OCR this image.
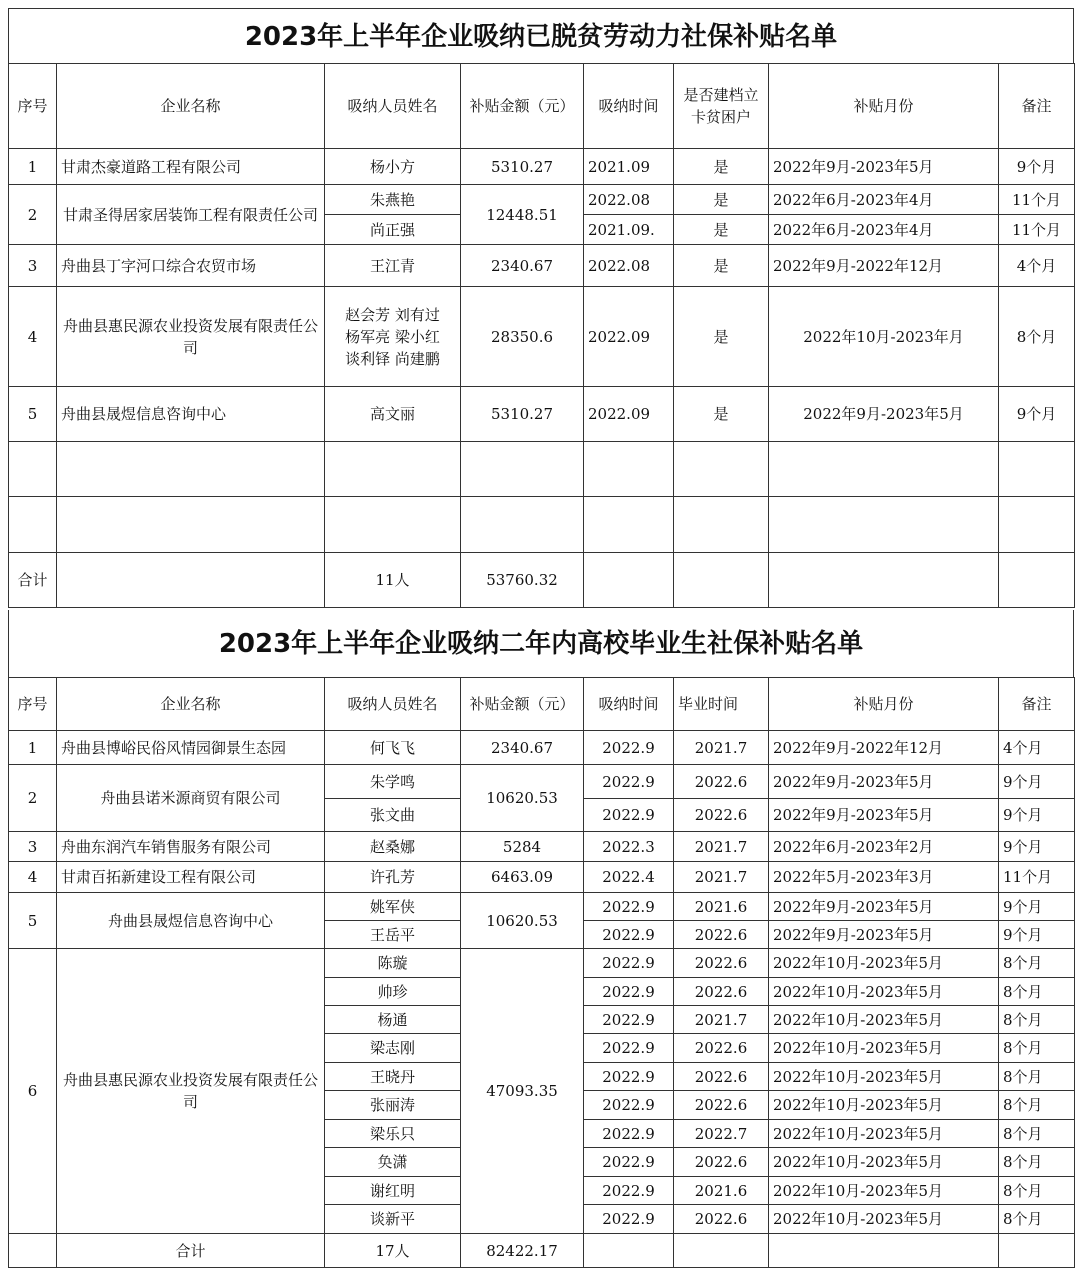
2023年上半年企业吸纳已脱贫劳动力社保补贴名单
序号	企业名称	吸纳人员姓名	补贴金额（元）	吸纳时间	是否建档立卡贫困户	补贴月份	备注
1	甘肃杰豪道路工程有限公司	杨小方	5310.27	2021.09	是	2022年9月-2023年5月	9个月
2	甘肃圣得居家居装饰工程有限责任公司	朱燕艳	12448.51	2022.08	是	2022年6月-2023年4月	11个月
		尚正强		2021.09.	是	2022年6月-2023年4月	11个月
3	舟曲县丁字河口综合农贸市场	王江青	2340.67	2022.08	是	2022年9月-2022年12月	4个月
4	舟曲县惠民源农业投资发展有限责任公司	赵会芳 刘有过
杨军亮 梁小红
谈利铎 尚建鹏	28350.6	2022.09	是	2022年10月-2023年月	8个月
5	舟曲县晟煜信息咨询中心	高文丽	5310.27	2022.09	是	2022年9月-2023年5月	9个月

合计		11人	53760.32				
2023年上半年企业吸纳二年内高校毕业生社保补贴名单
序号	企业名称	吸纳人员姓名	补贴金额（元）	吸纳时间	毕业时间	补贴月份	备注
1	舟曲县博峪民俗风情园御景生态园	何飞飞	2340.67	2022.9	2021.7	2022年9月-2022年12月	4个月
2	舟曲县诺米源商贸有限公司	朱学鸣	10620.53	2022.9	2022.6	2022年9月-2023年5月	9个月
		张文曲		2022.9	2022.6	2022年9月-2023年5月	9个月
3	舟曲东润汽车销售服务有限公司	赵桑娜	5284	2022.3	2021.7	2022年6月-2023年2月	9个月
4	甘肃百拓新建设工程有限公司	许孔芳	6463.09	2022.4	2021.7	2022年5月-2023年3月	11个月
5	舟曲县晟煜信息咨询中心	姚军侠	10620.53	2022.9	2021.6	2022年9月-2023年5月	9个月
		王岳平		2022.9	2022.6	2022年9月-2023年5月	9个月
6	舟曲县惠民源农业投资发展有限责任公司	陈璇	47093.35	2022.9	2022.6	2022年10月-2023年5月	8个月
		帅珍		2022.9	2022.6	2022年10月-2023年5月	8个月
		杨通		2022.9	2021.7	2022年10月-2023年5月	8个月
		梁志刚		2022.9	2022.6	2022年10月-2023年5月	8个月
		王晓丹		2022.9	2022.6	2022年10月-2023年5月	8个月
		张丽涛		2022.9	2022.6	2022年10月-2023年5月	8个月
		梁乐只		2022.9	2022.7	2022年10月-2023年5月	8个月
		奂潇		2022.9	2022.6	2022年10月-2023年5月	8个月
		谢红明		2022.9	2021.6	2022年10月-2023年5月	8个月
		谈新平		2022.9	2022.6	2022年10月-2023年5月	8个月
	合计	17人	82422.17				
